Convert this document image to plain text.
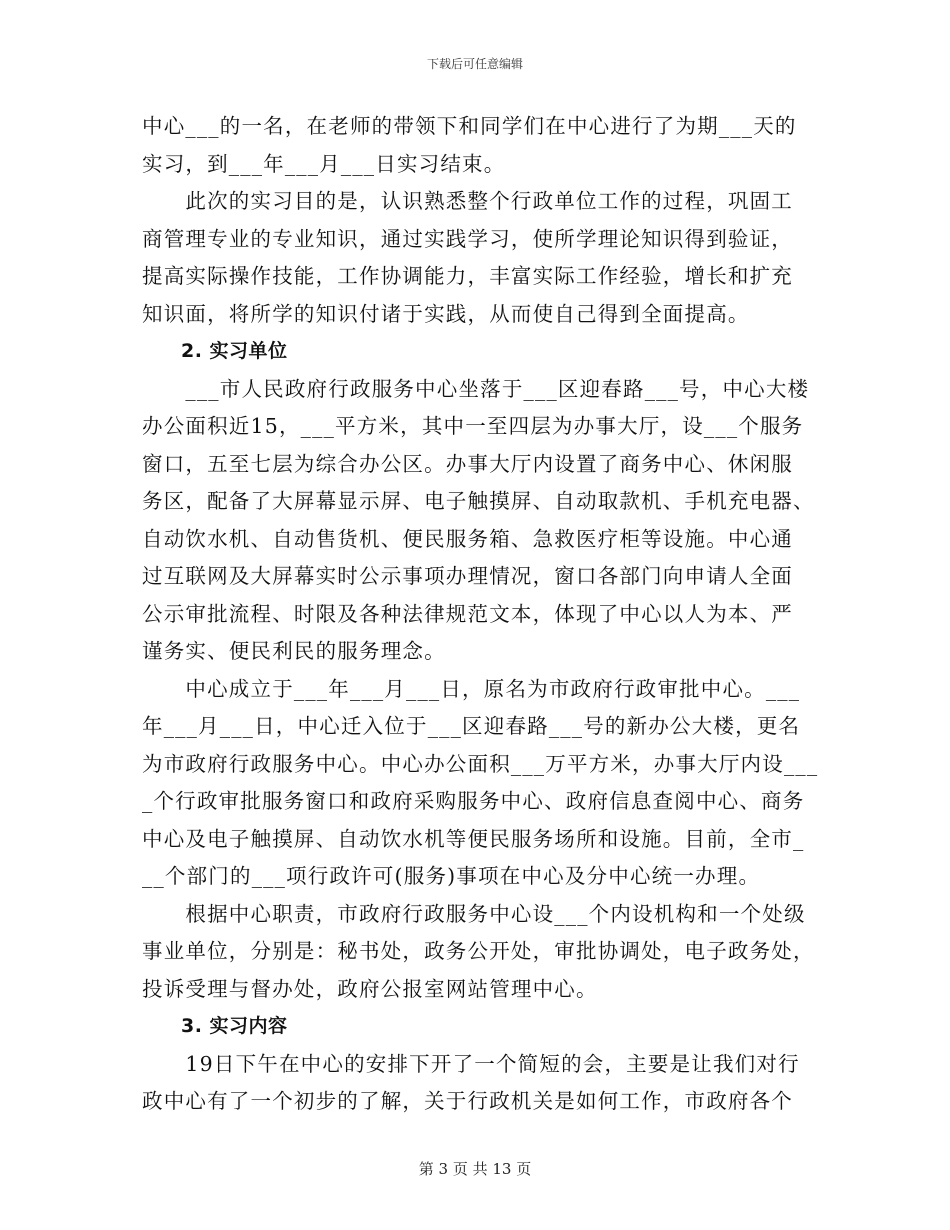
下载后可任意编辑
中心___的一名，在老师的带领下和同学们在中心进行了为期___天的
实习，到___年___月___日实习结束。
　　此次的实习目的是，认识熟悉整个行政单位工作的过程，巩固工
商管理专业的专业知识，通过实践学习，使所学理论知识得到验证，
提高实际操作技能，工作协调能力，丰富实际工作经验，增长和扩充
知识面，将所学的知识付诸于实践，从而使自己得到全面提高。
　　2. 实习单位
　　___市人民政府行政服务中心坐落于___区迎春路___号，中心大楼
办公面积近15，___平方米，其中一至四层为办事大厅，设___个服务
窗口，五至七层为综合办公区。办事大厅内设置了商务中心、休闲服
务区，配备了大屏幕显示屏、电子触摸屏、自动取款机、手机充电器、
自动饮水机、自动售货机、便民服务箱、急救医疗柜等设施。中心通
过互联网及大屏幕实时公示事项办理情况，窗口各部门向申请人全面
公示审批流程、时限及各种法律规范文本，体现了中心以人为本、严
谨务实、便民利民的服务理念。
　　中心成立于___年___月___日，原名为市政府行政审批中心。___
年___月___日，中心迁入位于___区迎春路___号的新办公大楼，更名
为市政府行政服务中心。中心办公面积___万平方米，办事大厅内设___
_个行政审批服务窗口和政府采购服务中心、政府信息查阅中心、商务
中心及电子触摸屏、自动饮水机等便民服务场所和设施。目前，全市_
__个部门的___项行政许可(服务)事项在中心及分中心统一办理。
　　根据中心职责，市政府行政服务中心设___个内设机构和一个处级
事业单位，分别是：秘书处，政务公开处，审批协调处，电子政务处，
投诉受理与督办处，政府公报室网站管理中心。
　　3. 实习内容
　　19日下午在中心的安排下开了一个简短的会，主要是让我们对行
政中心有了一个初步的了解，关于行政机关是如何工作，市政府各个
第 3 页 共 13 页
